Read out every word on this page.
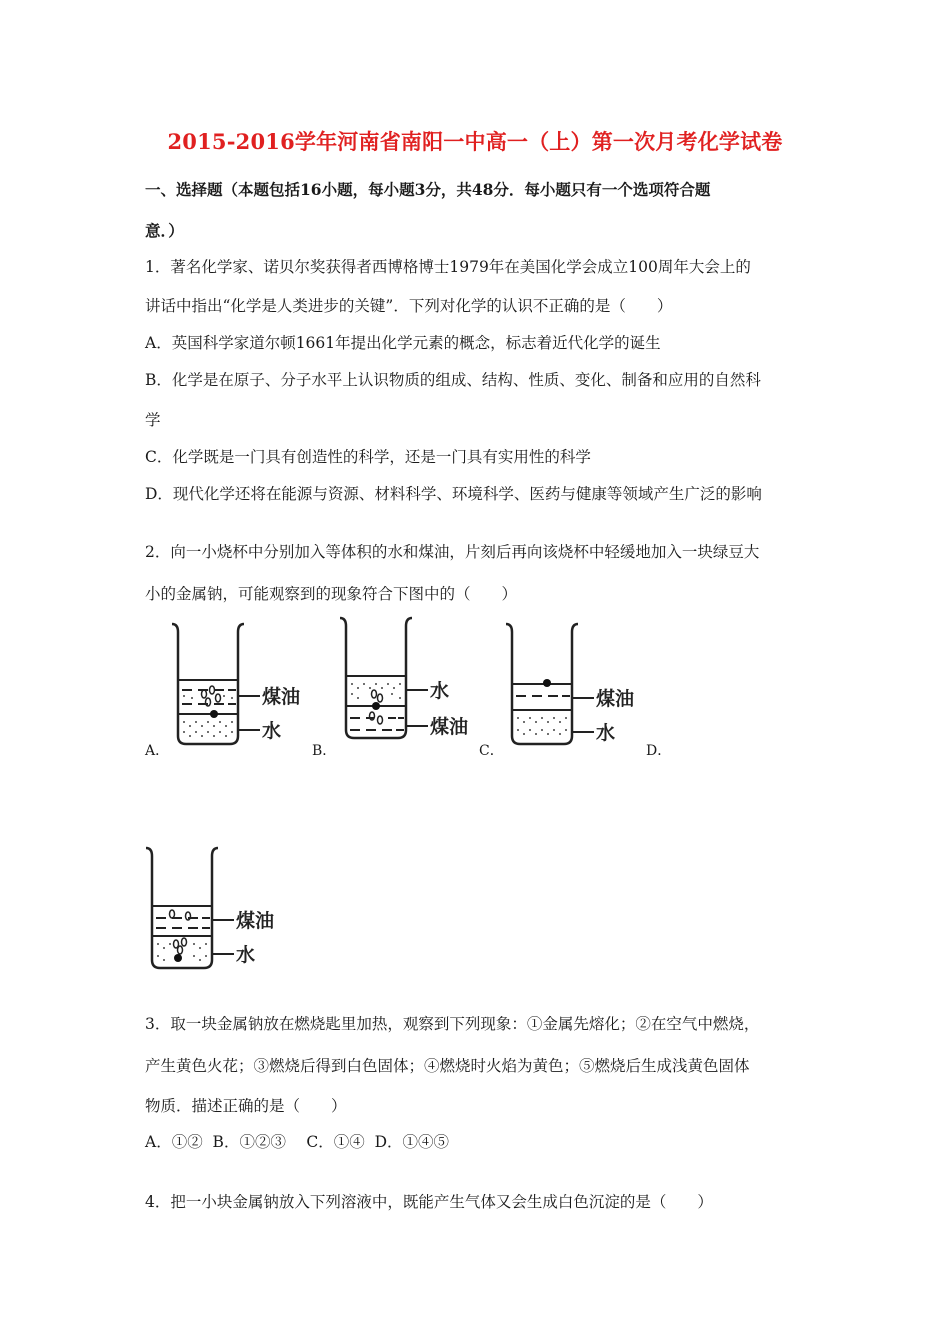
2015-2016学年河南省南阳一中高一（上）第一次月考化学试卷
一、选择题（本题包括16小题，每小题3分，共48分．每小题只有一个选项符合题
意．）
1．著名化学家、诺贝尔奖获得者西博格博士1979年在美国化学会成立100周年大会上的
讲话中指出“化学是人类进步的关键”．下列对化学的认识不正确的是（　　）
A．英国科学家道尔顿1661年提出化学元素的概念，标志着近代化学的诞生
B．化学是在原子、分子水平上认识物质的组成、结构、性质、变化、制备和应用的自然科
学
C．化学既是一门具有创造性的科学，还是一门具有实用性的科学
D．现代化学还将在能源与资源、材料科学、环境科学、医药与健康等领域产生广泛的影响
2．向一小烧杯中分别加入等体积的水和煤油，片刻后再向该烧杯中轻缓地加入一块绿豆大
小的金属钠，可能观察到的现象符合下图中的（　　）
煤油
水
水
煤油
煤油
水
A．	B．	C．	D．
煤油
水
3．取一块金属钠放在燃烧匙里加热，观察到下列现象：①金属先熔化；②在空气中燃烧，
产生黄色火花；③燃烧后得到白色固体；④燃烧时火焰为黄色；⑤燃烧后生成浅黄色固体
物质．描述正确的是（　　）
A．①②  B．①②③　 C．①④  D．①④⑤
4．把一小块金属钠放入下列溶液中，既能产生气体又会生成白色沉淀的是（　　）
